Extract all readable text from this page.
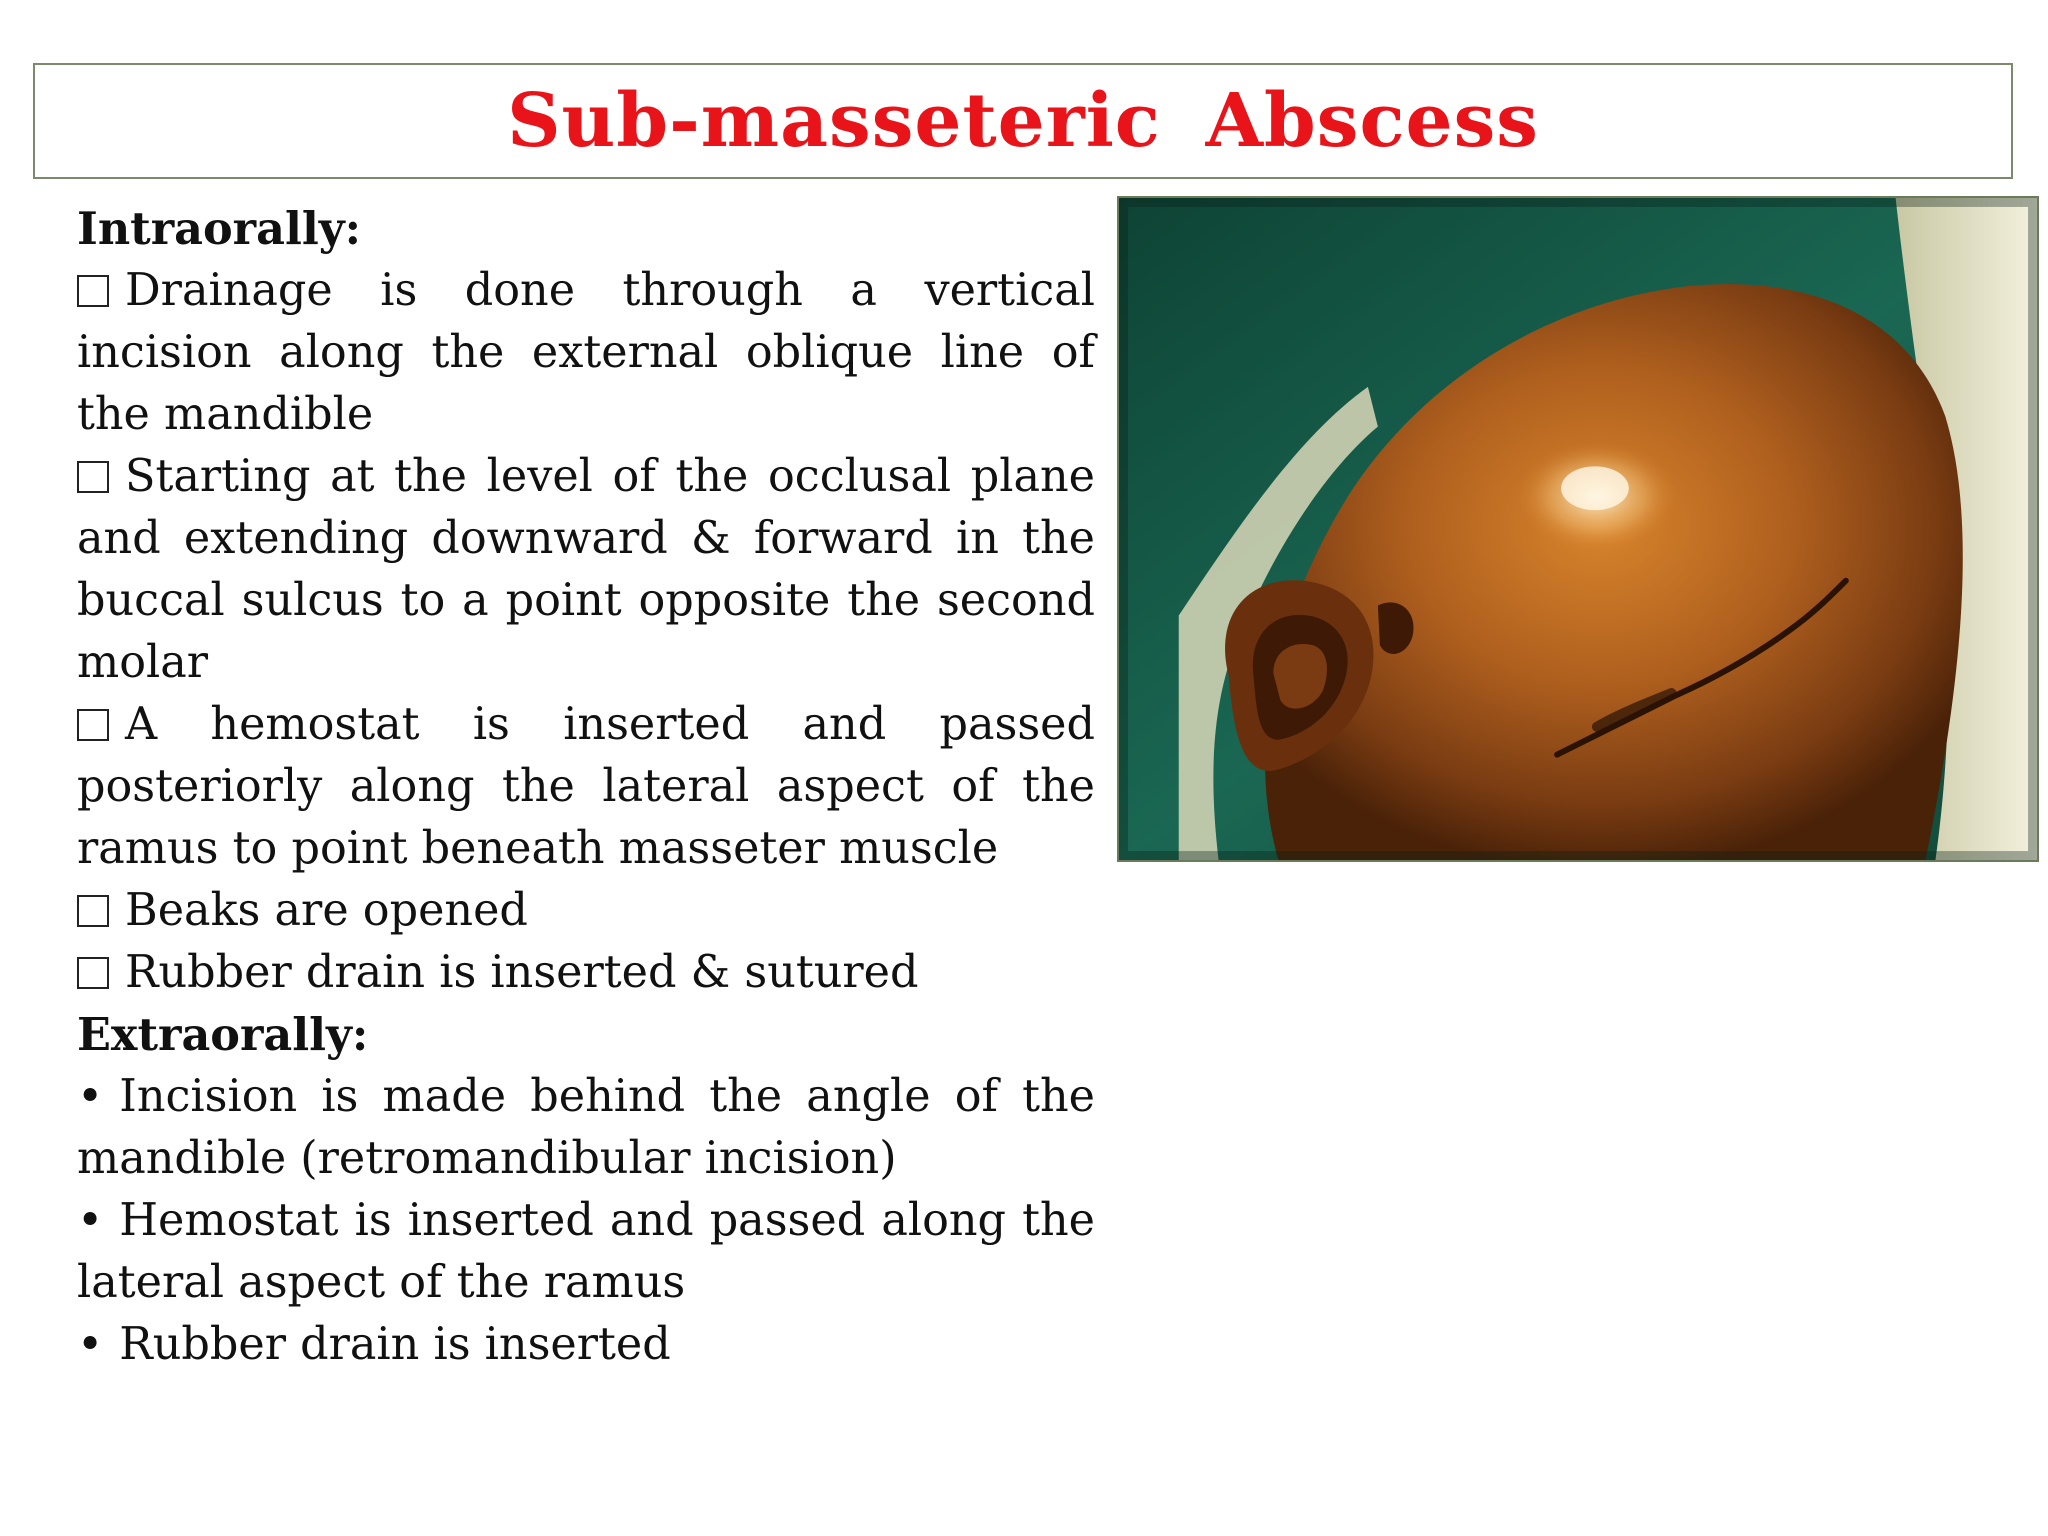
Sub-masseteric Abscess
Intraorally:
Drainage is done through a vertical incision along the external oblique line of the mandible
Starting at the level of the occlusal plane and extending downward & forward in the buccal sulcus to a point opposite the second molar
A hemostat is inserted and passed posteriorly along the lateral aspect of the ramus to point beneath masseter muscle
Beaks are opened
Rubber drain is inserted & sutured
Extraorally:
• Incision is made behind the angle of the mandible (retromandibular incision)
• Hemostat is inserted and passed along the lateral aspect of the ramus
• Rubber drain is inserted
